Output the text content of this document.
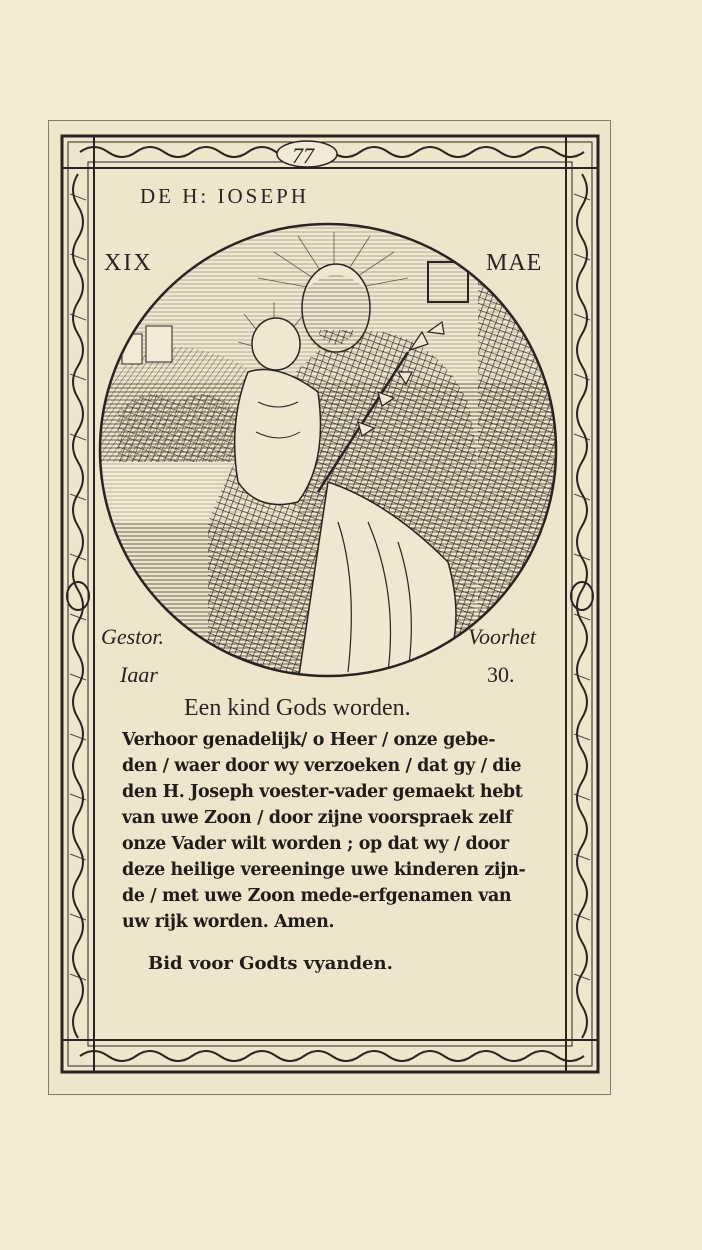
77
DE H: IOSEPH
XIX	MAE
Gestor.	Voorhet
Iaar	30.
Een kind Gods worden.
Verhoor genadelijk/ o Heer / onze gebe-
den / waer door wy verzoeken / dat gy / die
den H. Joseph voester-vader gemaekt hebt
van uwe Zoon / door zijne voorspraek zelf
onze Vader wilt worden ; op dat wy / door
deze heilige vereeninge uwe kinderen zijn-
de / met uwe Zoon mede-erfgenamen van
uw rijk worden. Amen.
Bid voor Godts vyanden.
